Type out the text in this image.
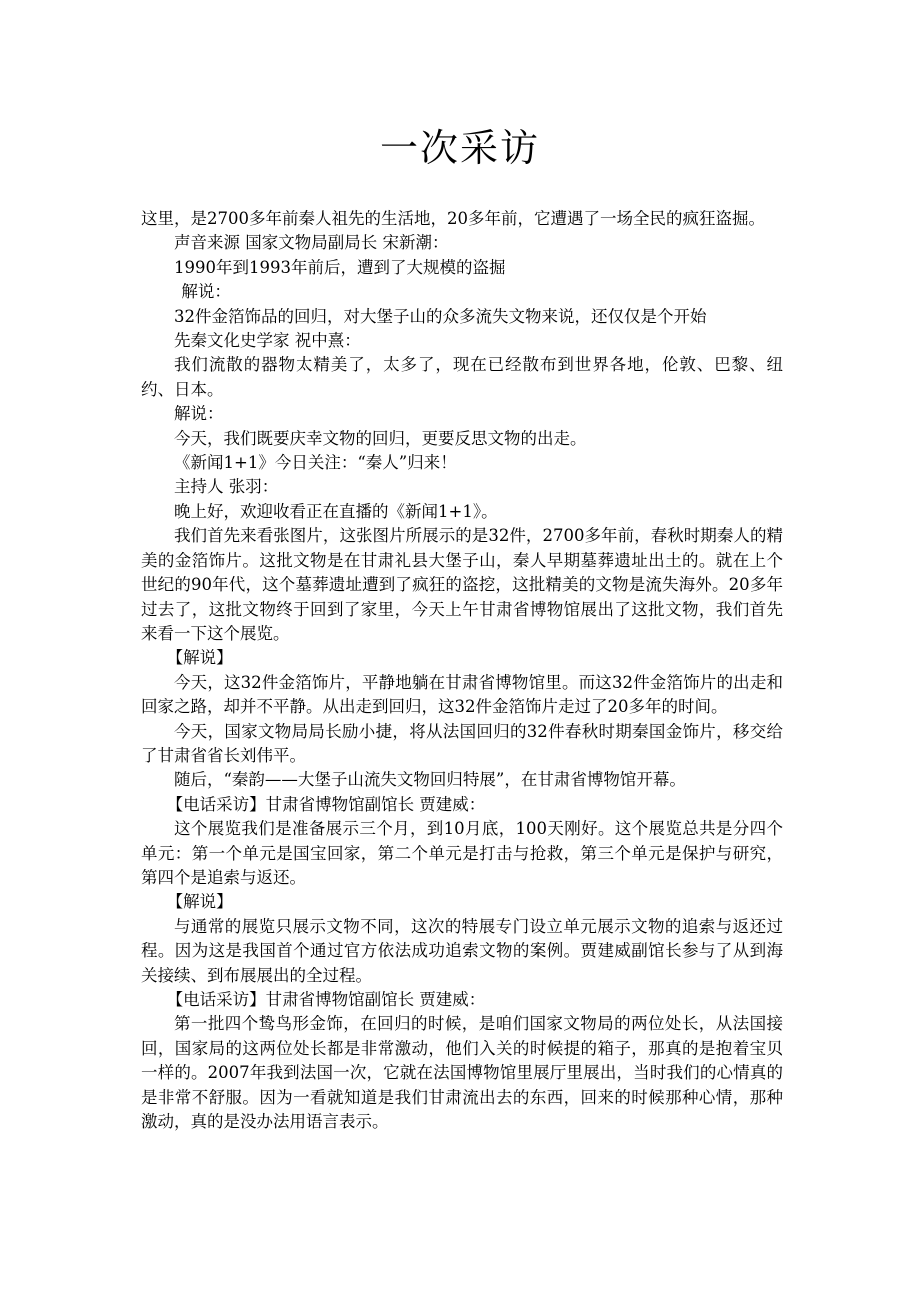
一次采访

这里，是2700多年前秦人祖先的生活地，20多年前，它遭遇了一场全民的疯狂盗掘。

声音来源 国家文物局副局长 宋新潮：

1990年到1993年前后，遭到了大规模的盗掘

解说：

32件金箔饰品的回归，对大堡子山的众多流失文物来说，还仅仅是个开始

先秦文化史学家 祝中熹：

我们流散的器物太精美了，太多了，现在已经散布到世界各地，伦敦、巴黎、纽约、日本。

解说：

今天，我们既要庆幸文物的回归，更要反思文物的出走。

《新闻1+1》今日关注：“秦人”归来！

主持人 张羽：

晚上好，欢迎收看正在直播的《新闻1+1》。

我们首先来看张图片，这张图片所展示的是32件，2700多年前，春秋时期秦人的精美的金箔饰片。这批文物是在甘肃礼县大堡子山，秦人早期墓葬遗址出土的。就在上个世纪的90年代，这个墓葬遗址遭到了疯狂的盗挖，这批精美的文物是流失海外。20多年过去了，这批文物终于回到了家里，今天上午甘肃省博物馆展出了这批文物，我们首先来看一下这个展览。

【解说】

今天，这32件金箔饰片，平静地躺在甘肃省博物馆里。而这32件金箔饰片的出走和回家之路，却并不平静。从出走到回归，这32件金箔饰片走过了20多年的时间。

今天，国家文物局局长励小捷，将从法国回归的32件春秋时期秦国金饰片，移交给了甘肃省省长刘伟平。

随后，“秦韵——大堡子山流失文物回归特展”，在甘肃省博物馆开幕。

【电话采访】甘肃省博物馆副馆长 贾建威：

这个展览我们是准备展示三个月，到10月底，100天刚好。这个展览总共是分四个单元：第一个单元是国宝回家，第二个单元是打击与抢救，第三个单元是保护与研究，第四个是追索与返还。

【解说】

与通常的展览只展示文物不同，这次的特展专门设立单元展示文物的追索与返还过程。因为这是我国首个通过官方依法成功追索文物的案例。贾建威副馆长参与了从到海关接续、到布展展出的全过程。

【电话采访】甘肃省博物馆副馆长 贾建威：

第一批四个鸷鸟形金饰，在回归的时候，是咱们国家文物局的两位处长，从法国接回，国家局的这两位处长都是非常激动，他们入关的时候提的箱子，那真的是抱着宝贝一样的。2007年我到法国一次，它就在法国博物馆里展厅里展出，当时我们的心情真的是非常不舒服。因为一看就知道是我们甘肃流出去的东西，回来的时候那种心情，那种激动，真的是没办法用语言表示。
